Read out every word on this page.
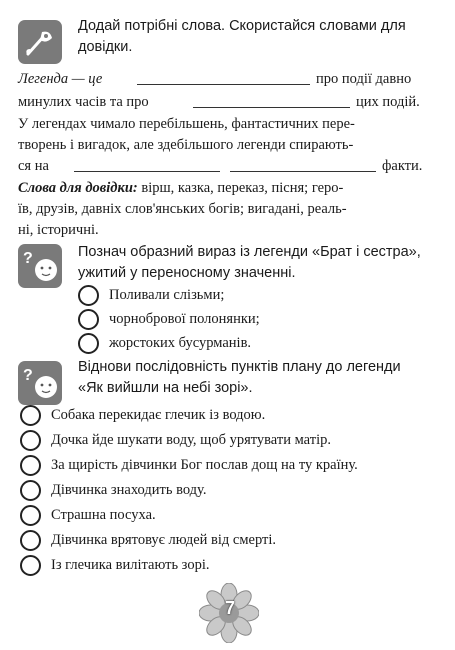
Додай потрібні слова. Скористайся словами для довідки.
Легенда — це	про події давно
минулих часів та про	цих подій.
У легендах чимало перебільшень, фантастичних пере-
творень і вигадок, але здебільшого легенди спирають-
ся на	факти.
Слова для довідки: вірш, казка, переказ, пісня; геро-
їв, друзів, давніх слов'янських богів; вигадані, реаль-
ні, історичні.
?	Познач образний вираз із легенди «Брат і сестра»,
ужитий у переносному значенні.
Поливали слізьми;
чорнобрової полонянки;
жорстоких бусурманів.
?	Віднови послідовність пунктів плану до легенди
«Як вийшли на небі зорі».
Собака перекидає глечик із водою.
Дочка йде шукати воду, щоб урятувати матір.
За щирість дівчинки Бог послав дощ на ту країну.
Дівчинка знаходить воду.
Страшна посуха.
Дівчинка врятовує людей від смерті.
Із глечика вилітають зорі.
7
